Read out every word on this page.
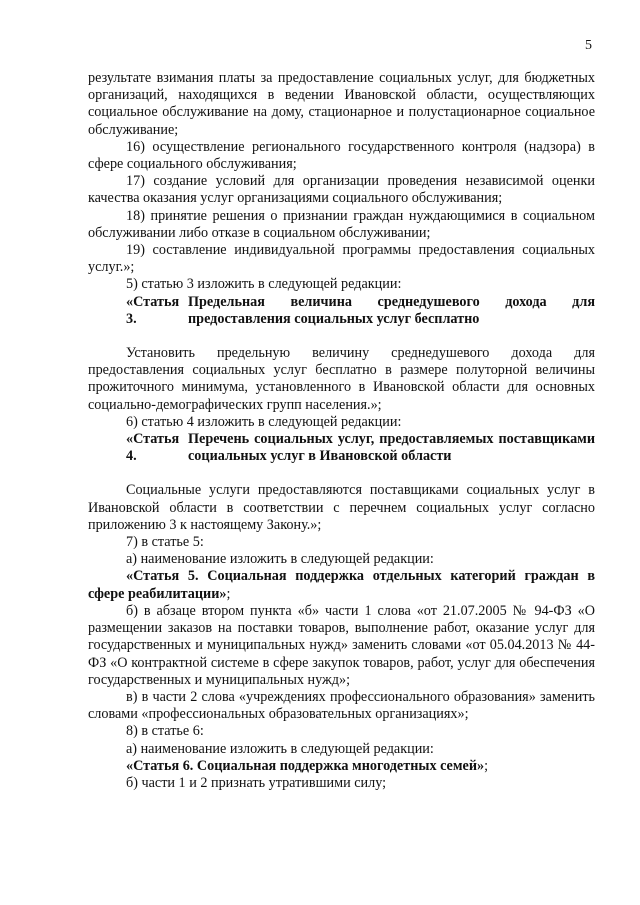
5

результате взимания платы за предоставление социальных услуг, для бюджетных организаций, находящихся в ведении Ивановской области, осуществляющих социальное обслуживание на дому, стационарное и полустационарное социальное обслуживание;

16) осуществление регионального государственного контроля (надзора) в сфере социального обслуживания;

17) создание условий для организации проведения независимой оценки качества оказания услуг организациями социального обслуживания;

18) принятие решения о признании граждан нуждающимися в социальном обслуживании либо отказе в социальном обслуживании;

19) составление индивидуальной программы предоставления социальных услуг.»;

5) статью 3 изложить в следующей редакции:

«Статья 3.
Предельная величина среднедушевого дохода для предоставления социальных услуг бесплатно

Установить предельную величину среднедушевого дохода для предоставления социальных услуг бесплатно в размере полуторной величины прожиточного минимума, установленного в Ивановской области для основных социально-демографических групп населения.»;

6) статью 4 изложить в следующей редакции:

«Статья 4.
Перечень социальных услуг, предоставляемых поставщиками социальных услуг в Ивановской области

Социальные услуги предоставляются поставщиками социальных услуг в Ивановской области в соответствии с перечнем социальных услуг согласно приложению 3 к настоящему Закону.»;

7) в статье 5:

а) наименование изложить в следующей редакции:

«Статья 5. Социальная поддержка отдельных категорий граждан в сфере реабилитации»;

б) в абзаце втором пункта «б» части 1 слова «от 21.07.2005 № 94-ФЗ «О размещении заказов на поставки товаров, выполнение работ, оказание услуг для государственных и муниципальных нужд» заменить словами «от 05.04.2013 № 44-ФЗ «О контрактной системе в сфере закупок товаров, работ, услуг для обеспечения государственных и муниципальных нужд»;

в) в части 2 слова «учреждениях профессионального образования» заменить словами «профессиональных образовательных организациях»;

8) в статье 6:

а) наименование изложить в следующей редакции:

«Статья 6. Социальная поддержка многодетных семей»;

б) части 1 и 2 признать утратившими силу;
